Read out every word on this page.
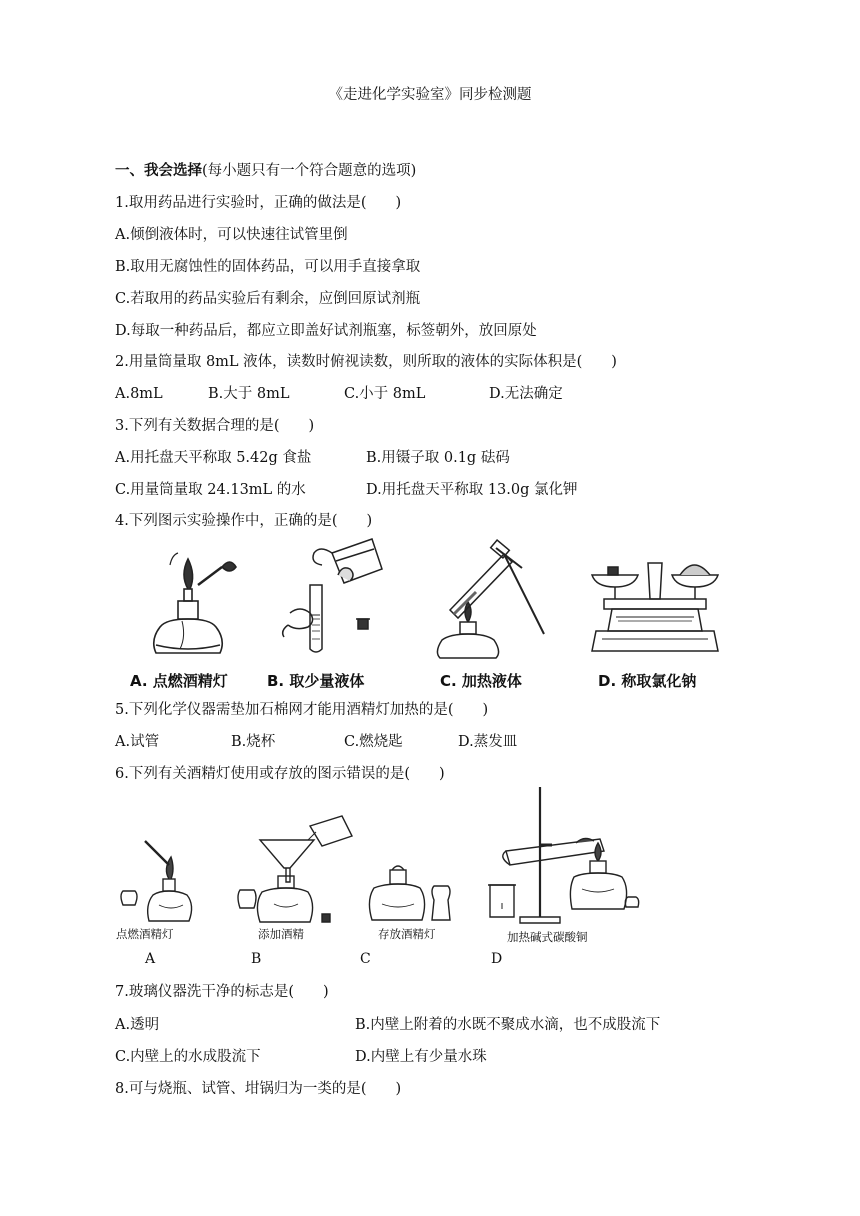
《走进化学实验室》同步检测题
一、我会选择(每小题只有一个符合题意的选项)
1.取用药品进行实验时，正确的做法是(　　)
A.倾倒液体时，可以快速往试管里倒
B.取用无腐蚀性的固体药品，可以用手直接拿取
C.若取用的药品实验后有剩余，应倒回原试剂瓶
D.每取一种药品后，都应立即盖好试剂瓶塞，标签朝外，放回原处
2.用量筒量取 8mL 液体，读数时俯视读数，则所取的液体的实际体积是(　　)
A.8mL	B.大于 8mL	C.小于 8mL	D.无法确定
3.下列有关数据合理的是(　　)
A.用托盘天平称取 5.42g 食盐	B.用镊子取 0.1g 砝码
C.用量筒量取 24.13mL 的水	D.用托盘天平称取 13.0g 氯化钾
4.下列图示实验操作中，正确的是(　　)
A. 点燃酒精灯	B. 取少量液体	C. 加热液体	D. 称取氯化钠
5.下列化学仪器需垫加石棉网才能用酒精灯加热的是(　　)
A.试管	B.烧杯	C.燃烧匙	D.蒸发皿
6.下列有关酒精灯使用或存放的图示错误的是(　　)
点燃酒精灯
A
添加酒精
B
存放酒精灯
C
加热碱式碳酸铜
D
7.玻璃仪器洗干净的标志是(　　)
A.透明	B.内壁上附着的水既不聚成水滴，也不成股流下
C.内壁上的水成股流下	D.内壁上有少量水珠
8.可与烧瓶、试管、坩锅归为一类的是(　　)
